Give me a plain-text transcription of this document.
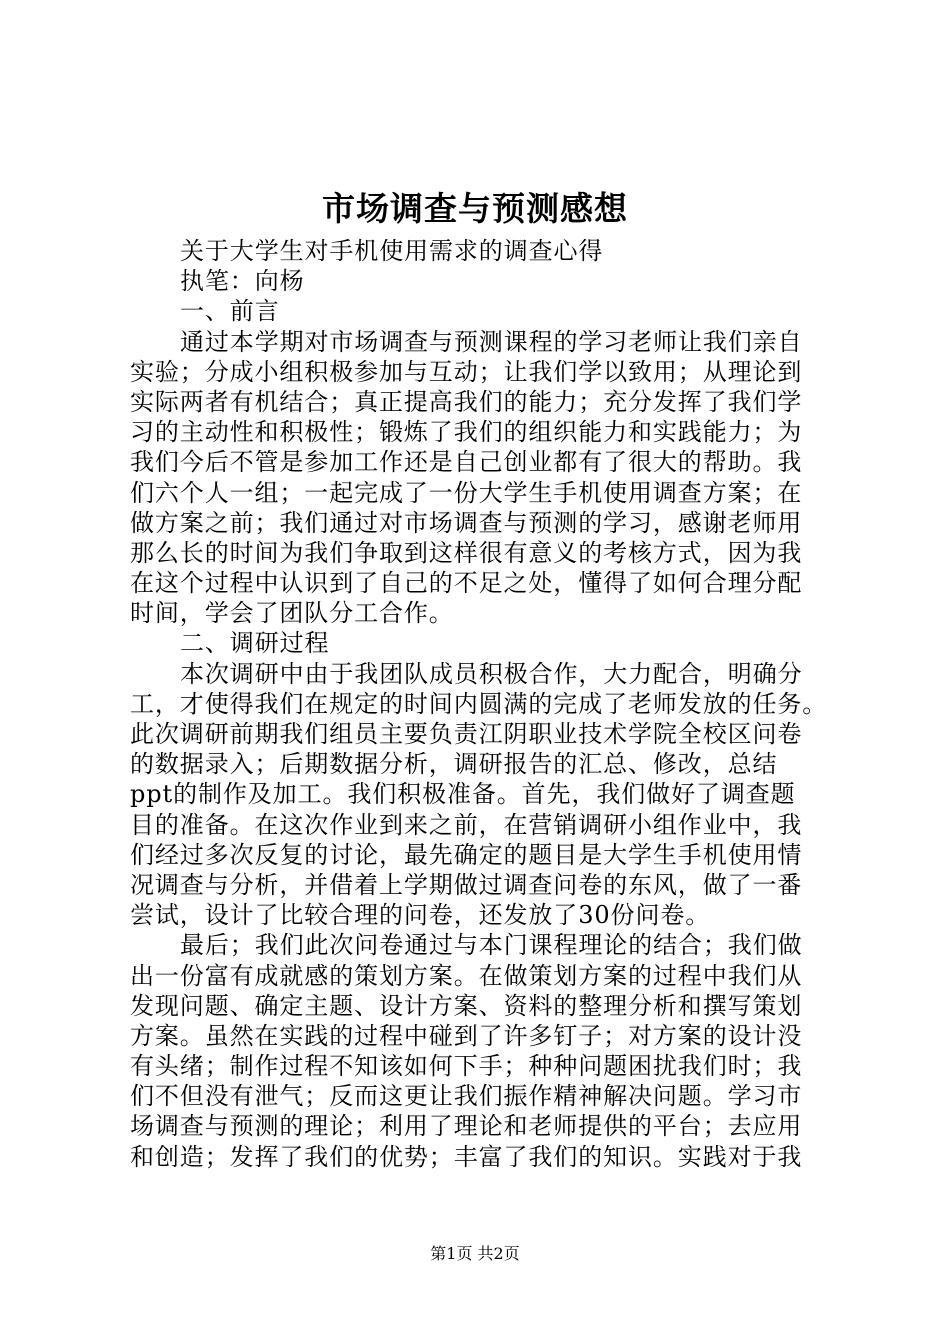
市场调查与预测感想
关于大学生对手机使用需求的调查心得
执笔：向杨
一、前言
通过本学期对市场调查与预测课程的学习老师让我们亲自
实验；分成小组积极参加与互动；让我们学以致用；从理论到
实际两者有机结合；真正提高我们的能力；充分发挥了我们学
习的主动性和积极性；锻炼了我们的组织能力和实践能力；为
我们今后不管是参加工作还是自己创业都有了很大的帮助。我
们六个人一组；一起完成了一份大学生手机使用调查方案；在
做方案之前；我们通过对市场调查与预测的学习，感谢老师用
那么长的时间为我们争取到这样很有意义的考核方式，因为我
在这个过程中认识到了自己的不足之处，懂得了如何合理分配
时间，学会了团队分工合作。
二、调研过程
本次调研中由于我团队成员积极合作，大力配合，明确分
工，才使得我们在规定的时间内圆满的完成了老师发放的任务。
此次调研前期我们组员主要负责江阴职业技术学院全校区问卷
的数据录入；后期数据分析，调研报告的汇总、修改，总结
ppt的制作及加工。我们积极准备。首先，我们做好了调查题
目的准备。在这次作业到来之前，在营销调研小组作业中，我
们经过多次反复的讨论，最先确定的题目是大学生手机使用情
况调查与分析，并借着上学期做过调查问卷的东风，做了一番
尝试，设计了比较合理的问卷，还发放了30份问卷。
最后；我们此次问卷通过与本门课程理论的结合；我们做
出一份富有成就感的策划方案。在做策划方案的过程中我们从
发现问题、确定主题、设计方案、资料的整理分析和撰写策划
方案。虽然在实践的过程中碰到了许多钉子；对方案的设计没
有头绪；制作过程不知该如何下手；种种问题困扰我们时；我
们不但没有泄气；反而这更让我们振作精神解决问题。学习市
场调查与预测的理论；利用了理论和老师提供的平台；去应用
和创造；发挥了我们的优势；丰富了我们的知识。实践对于我
第1页 共2页
